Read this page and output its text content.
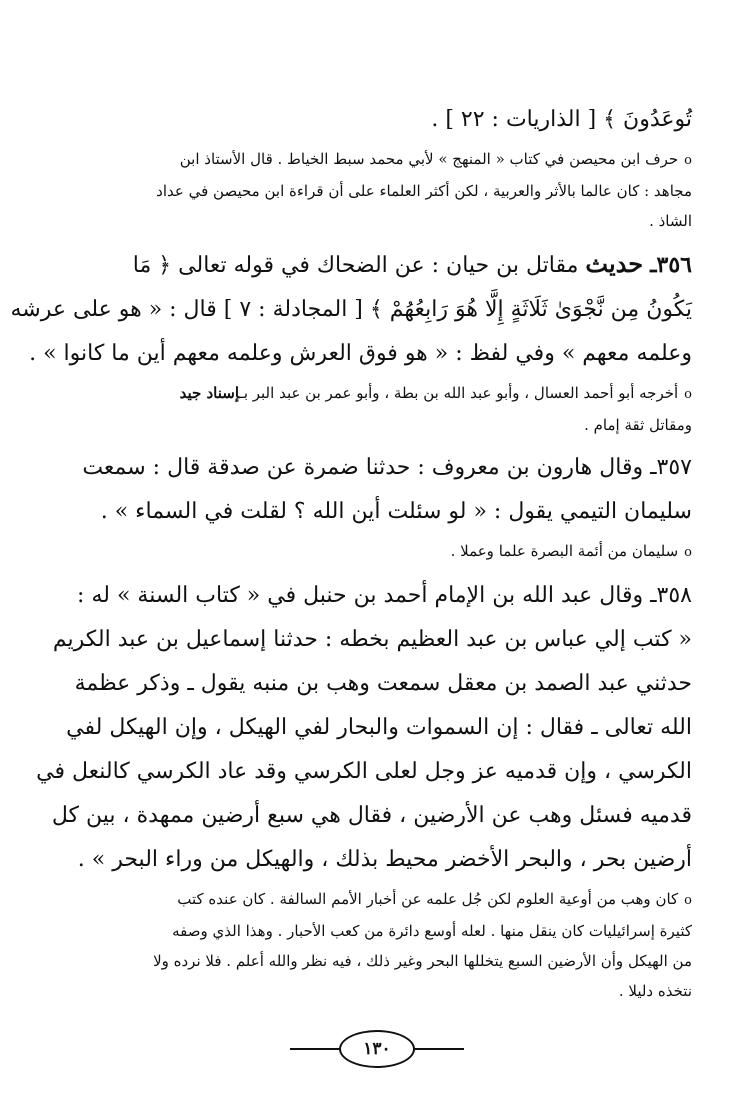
تُوعَدُونَ ﴾ [ الذاريات : ٢٢ ] .
oحرف ابن محيصن في كتاب « المنهج » لأبي محمد سبط الخياط . قال الأستاذ ابن
مجاهد : كان عالما بالأثر والعربية ، لكن أكثر العلماء على أن قراءة ابن محيصن في عداد
الشاذ .
٣٥٦ـ حديث مقاتل بن حيان : عن الضحاك في قوله تعالى ﴿ مَا
يَكُونُ مِن نَّجْوَىٰ ثَلَاثَةٍ إِلَّا هُوَ رَابِعُهُمْ ﴾ [ المجادلة : ٧ ] قال : « هو على عرشه
وعلمه معهم » وفي لفظ : « هو فوق العرش وعلمه معهم أين ما كانوا » .
oأخرجه أبو أحمد العسال ، وأبو عبد الله بن بطة ، وأبو عمر بن عبد البر بـإسناد جيد
ومقاتل ثقة إمام .
٣٥٧ـ وقال هارون بن معروف : حدثنا ضمرة عن صدقة قال : سمعت
سليمان التيمي يقول : « لو سئلت أين الله ؟ لقلت في السماء » .
oسليمان من أئمة البصرة علما وعملا .
٣٥٨ـ وقال عبد الله بن الإمام أحمد بن حنبل في « كتاب السنة » له :
« كتب إلي عباس بن عبد العظيم بخطه : حدثنا إسماعيل بن عبد الكريم
حدثني عبد الصمد بن معقل سمعت وهب بن منبه يقول ـ وذكر عظمة
الله تعالى ـ فقال : إن السموات والبحار لفي الهيكل ، وإن الهيكل لفي
الكرسي ، وإن قدميه عز وجل لعلى الكرسي وقد عاد الكرسي كالنعل في
قدميه فسئل وهب عن الأرضين ، فقال هي سبع أرضين ممهدة ، بين كل
أرضين بحر ، والبحر الأخضر محيط بذلك ، والهيكل من وراء البحر » .
oكان وهب من أوعية العلوم لكن جُل علمه عن أخبار الأمم السالفة . كان عنده كتب
كثيرة إسرائيليات كان ينقل منها . لعله أوسع دائرة من كعب الأحبار . وهذا الذي وصفه
من الهيكل وأن الأرضين السبع يتخللها البحر وغير ذلك ، فيه نظر والله أعلم . فلا نرده ولا
نتخذه دليلا .
١٣٠
